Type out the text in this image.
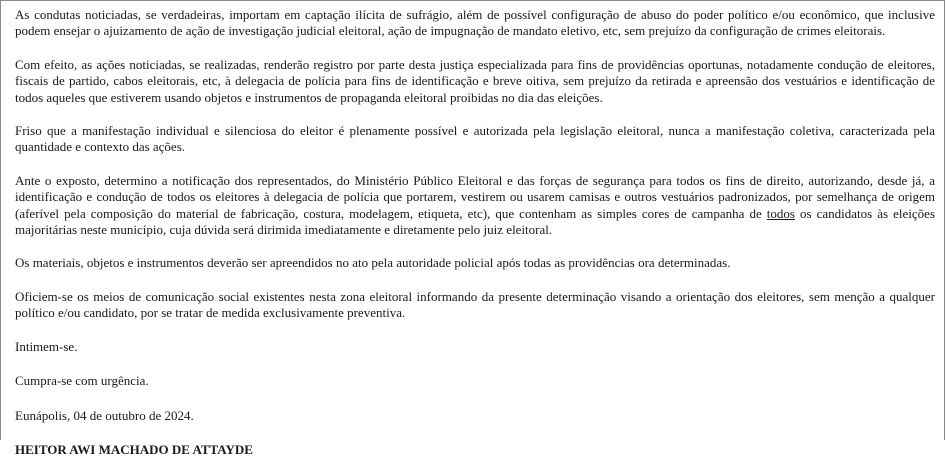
As condutas noticiadas, se verdadeiras, importam em captação ilícita de sufrágio, além de possível configuração de abuso do poder político e/ou econômico, que inclusive podem ensejar o ajuizamento de ação de investigação judicial eleitoral, ação de impugnação de mandato eletivo, etc, sem prejuízo da configuração de crimes eleitorais.

Com efeito, as ações noticiadas, se realizadas, renderão registro por parte desta justiça especializada para fins de providências oportunas, notadamente condução de eleitores, fiscais de partido, cabos eleitorais, etc, à delegacia de polícia para fins de identificação e breve oitiva, sem prejuízo da retirada e apreensão dos vestuários e identificação de todos aqueles que estiverem usando objetos e instrumentos de propaganda eleitoral proibidas no dia das eleições.

Friso que a manifestação individual e silenciosa do eleitor é plenamente possível e autorizada pela legislação eleitoral, nunca a manifestação coletiva, caracterizada pela quantidade e contexto das ações.

Ante o exposto, determino a notificação dos representados, do Ministério Público Eleitoral e das forças de segurança para todos os fins de direito, autorizando, desde já, a identificação e condução de todos os eleitores à delegacia de polícia que portarem, vestirem ou usarem camisas e outros vestuários padronizados, por semelhança de origem (aferível pela composição do material de fabricação, costura, modelagem, etiqueta, etc), que contenham as simples cores de campanha de todos os candidatos às eleições majoritárias neste município, cuja dúvida será dirimida imediatamente e diretamente pelo juiz eleitoral.

Os materiais, objetos e instrumentos deverão ser apreendidos no ato pela autoridade policial após todas as providências ora determinadas.

Oficiem-se os meios de comunicação social existentes nesta zona eleitoral informando da presente determinação visando a orientação dos eleitores, sem menção a qualquer político e/ou candidato, por se tratar de medida exclusivamente preventiva.

Intimem-se.

Cumpra-se com urgência.

Eunápolis, 04 de outubro de 2024.

HEITOR AWI MACHADO DE ATTAYDE
